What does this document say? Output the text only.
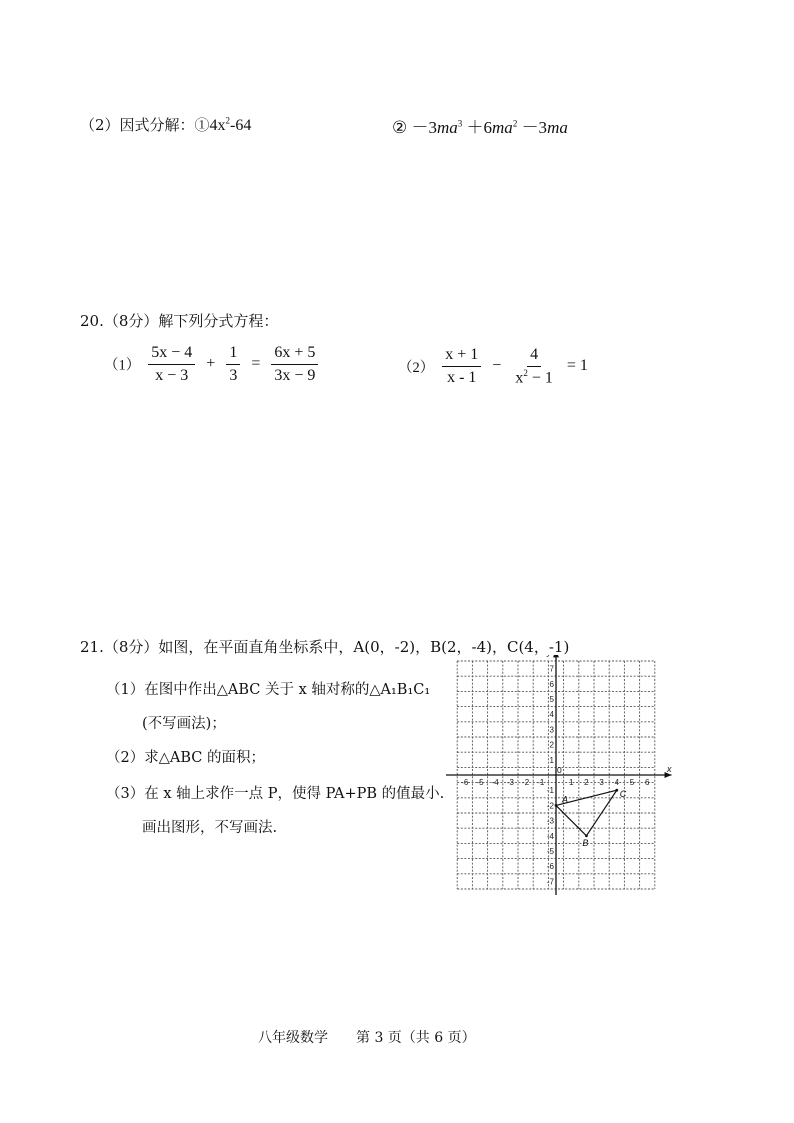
（2）因式分解：$①4x^2-64$	② $-3ma^3 +6ma^2 -3ma$
20.（8分）解下列分式方程：
$(1) \frac{5x - 4}{x - 3} + \frac{1}{3} = \frac{6x + 5}{3x - 9}$	$(2) \frac{x + 1}{x - 1} - \frac{4}{x^2 - 1} = 1$
21.（8分）如图，在平面直角坐标系中，A(0，-2)，B(2，-4)，C(4，-1)
（1）在图中作出△ABC 关于 x 轴对称的△A₁B₁C₁
(不写画法)；
（2）求△ABC 的面积；
（3）在 x 轴上求作一点 P，使得 PA+PB 的值最小.
画出图形，不写画法.
x
0
-6 -5 -4 -3 -2 -1	1 2 3 4 5 6
7
6
5
4
3
2
1
-1
-2
-3
-4
-5
-6
-7
A
B
C
八年级数学 第 3 页（共 6 页）
